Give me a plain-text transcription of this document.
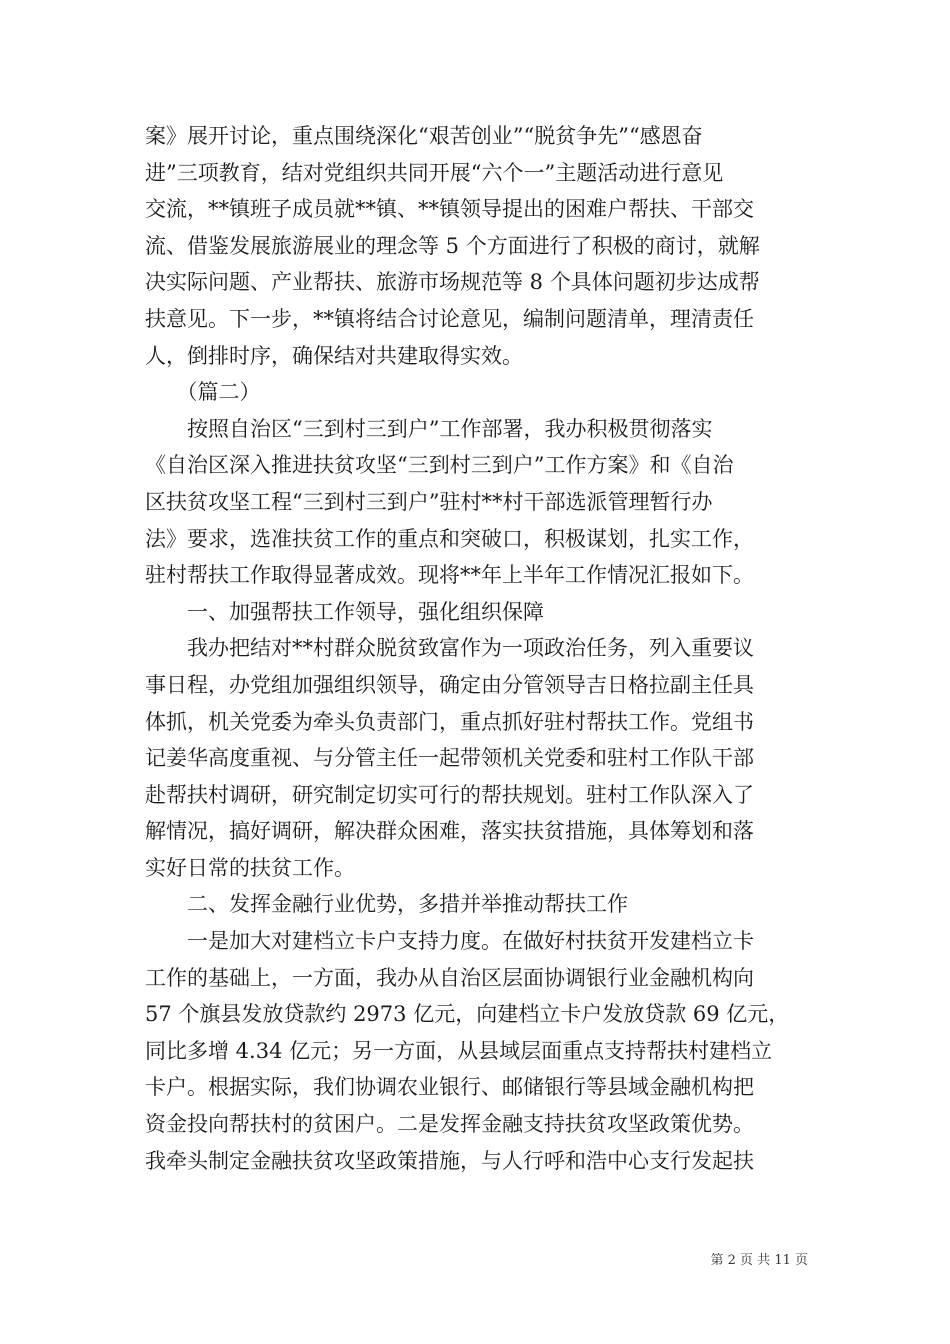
案》展开讨论，重点围绕深化“艰苦创业”“脱贫争先”“感恩奋
进”三项教育，结对党组织共同开展“六个一”主题活动进行意见
交流，**镇班子成员就**镇、**镇领导提出的困难户帮扶、干部交
流、借鉴发展旅游展业的理念等 5 个方面进行了积极的商讨，就解
决实际问题、产业帮扶、旅游市场规范等 8 个具体问题初步达成帮
扶意见。下一步，**镇将结合讨论意见，编制问题清单，理清责任
人，倒排时序，确保结对共建取得实效。
　　（篇二）
　　按照自治区“三到村三到户”工作部署，我办积极贯彻落实
《自治区深入推进扶贫攻坚“三到村三到户”工作方案》和《自治
区扶贫攻坚工程“三到村三到户”驻村**村干部选派管理暂行办
法》要求，选准扶贫工作的重点和突破口，积极谋划，扎实工作，
驻村帮扶工作取得显著成效。现将**年上半年工作情况汇报如下。
　　一、加强帮扶工作领导，强化组织保障
　　我办把结对**村群众脱贫致富作为一项政治任务，列入重要议
事日程，办党组加强组织领导，确定由分管领导吉日格拉副主任具
体抓，机关党委为牵头负责部门，重点抓好驻村帮扶工作。党组书
记姜华高度重视、与分管主任一起带领机关党委和驻村工作队干部
赴帮扶村调研，研究制定切实可行的帮扶规划。驻村工作队深入了
解情况，搞好调研，解决群众困难，落实扶贫措施，具体筹划和落
实好日常的扶贫工作。
　　二、发挥金融行业优势，多措并举推动帮扶工作
　　一是加大对建档立卡户支持力度。在做好村扶贫开发建档立卡
工作的基础上，一方面，我办从自治区层面协调银行业金融机构向
57 个旗县发放贷款约 2973 亿元，向建档立卡户发放贷款 69 亿元，
同比多增 4.34 亿元；另一方面，从县域层面重点支持帮扶村建档立
卡户。根据实际，我们协调农业银行、邮储银行等县域金融机构把
资金投向帮扶村的贫困户。二是发挥金融支持扶贫攻坚政策优势。
我牵头制定金融扶贫攻坚政策措施，与人行呼和浩中心支行发起扶
第 2 页 共 11 页
